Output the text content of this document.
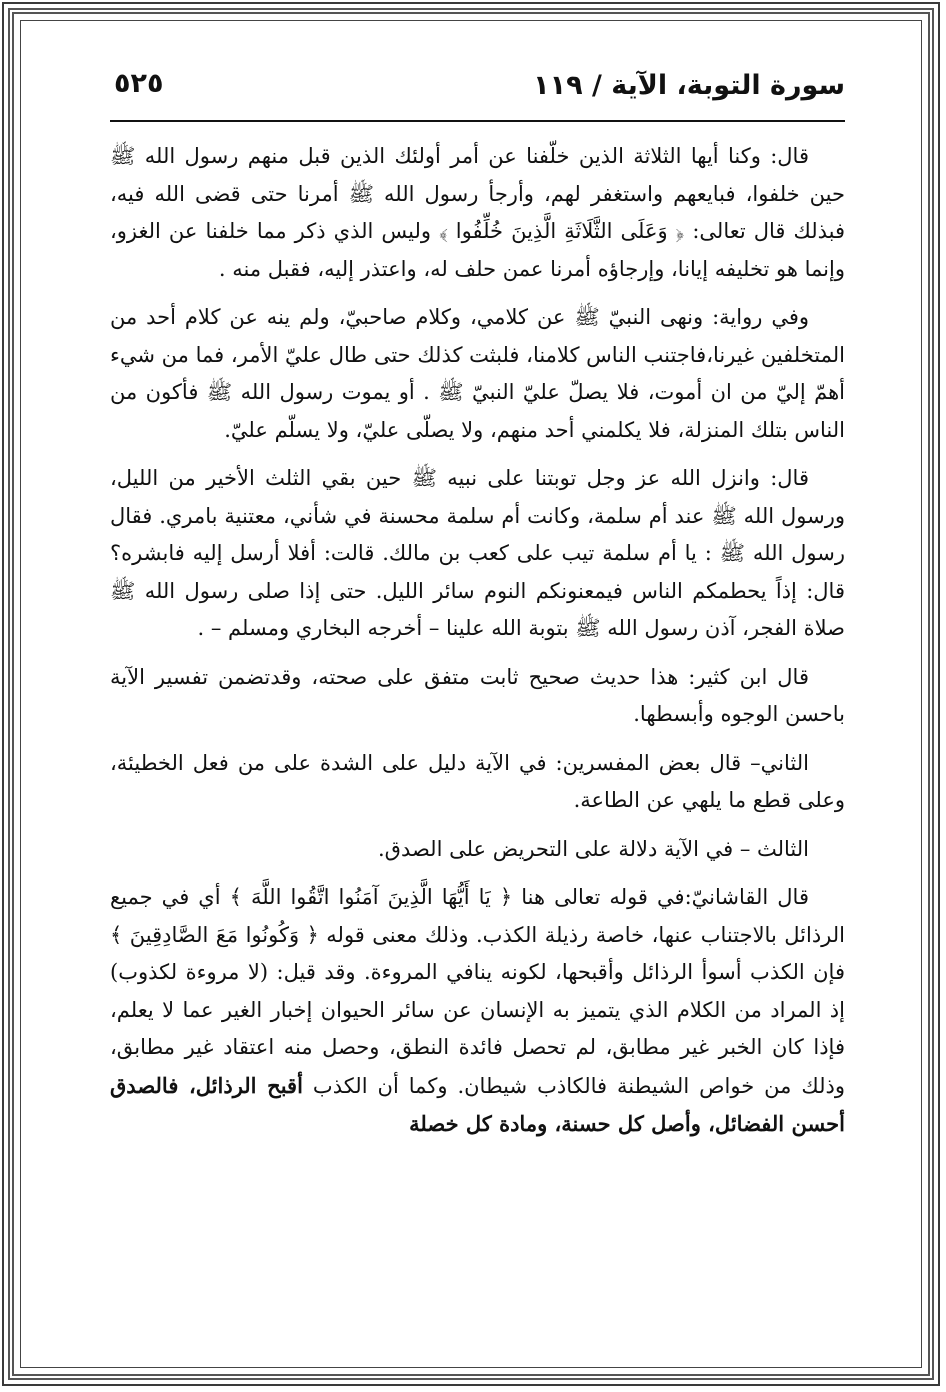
سورة التوبة، الآية / ١١٩
٥٢٥

قال: وكنا أيها الثلاثة الذين خلّفنا عن أمر أولئك الذين قبل منهم رسول الله ﷺ حين خلفوا، فبايعهم واستغفر لهم، وأرجأ رسول الله ﷺ أمرنا حتى قضى الله فيه، فبذلك قال تعالى: ﴿ وَعَلَى الثَّلَاثَةِ الَّذِينَ خُلِّفُوا ﴾ وليس الذي ذكر مما خلفنا عن الغزو، وإنما هو تخليفه إيانا، وإرجاؤه أمرنا عمن حلف له، واعتذر إليه، فقبل منه .

وفي رواية: ونهى النبيّ ﷺ عن كلامي، وكلام صاحبيّ، ولم ينه عن كلام أحد من المتخلفين غيرنا،فاجتنب الناس كلامنا، فلبثت كذلك حتى طال عليّ الأمر، فما من شيء أهمّ إليّ من ان أموت، فلا يصلّ عليّ النبيّ ﷺ . أو يموت رسول الله ﷺ فأكون من الناس بتلك المنزلة، فلا يكلمني أحد منهم، ولا يصلّى عليّ، ولا يسلّم عليّ.

قال: وانزل الله عز وجل توبتنا على نبيه ﷺ حين بقي الثلث الأخير من الليل، ورسول الله ﷺ عند أم سلمة، وكانت أم سلمة محسنة في شأني، معتنية بامري. فقال رسول الله ﷺ : يا أم سلمة تيب على كعب بن مالك. قالت: أفلا أرسل إليه فابشره؟ قال: إذاً يحطمكم الناس فيمعنونكم النوم سائر الليل. حتى إذا صلى رسول الله ﷺ صلاة الفجر، آذن رسول الله ﷺ بتوبة الله علينا – أخرجه البخاري ومسلم – .

قال ابن كثير: هذا حديث صحيح ثابت متفق على صحته، وقدتضمن تفسير الآية باحسن الوجوه وأبسطها.

الثاني– قال بعض المفسرين: في الآية دليل على الشدة على من فعل الخطيئة، وعلى قطع ما يلهي عن الطاعة.

الثالث – في الآية دلالة على التحريض على الصدق.

قال القاشانيّ:في قوله تعالى هنا ﴿ يَا أَيُّهَا الَّذِينَ آمَنُوا اتَّقُوا اللَّهَ ﴾ أي في جميع الرذائل بالاجتناب عنها، خاصة رذيلة الكذب. وذلك معنى قوله ﴿ وَكُونُوا مَعَ الصَّادِقِينَ ﴾ فإن الكذب أسوأ الرذائل وأقبحها، لكونه ينافي المروءة. وقد قيل: (لا مروءة لكذوب) إذ المراد من الكلام الذي يتميز به الإنسان عن سائر الحيوان إخبار الغير عما لا يعلم، فإذا كان الخبر غير مطابق، لم تحصل فائدة النطق، وحصل منه اعتقاد غير مطابق، وذلك من خواص الشيطنة فالكاذب شيطان. وكما أن الكذب أقبح الرذائل، فالصدق أحسن الفضائل، وأصل كل حسنة، ومادة كل خصلة
